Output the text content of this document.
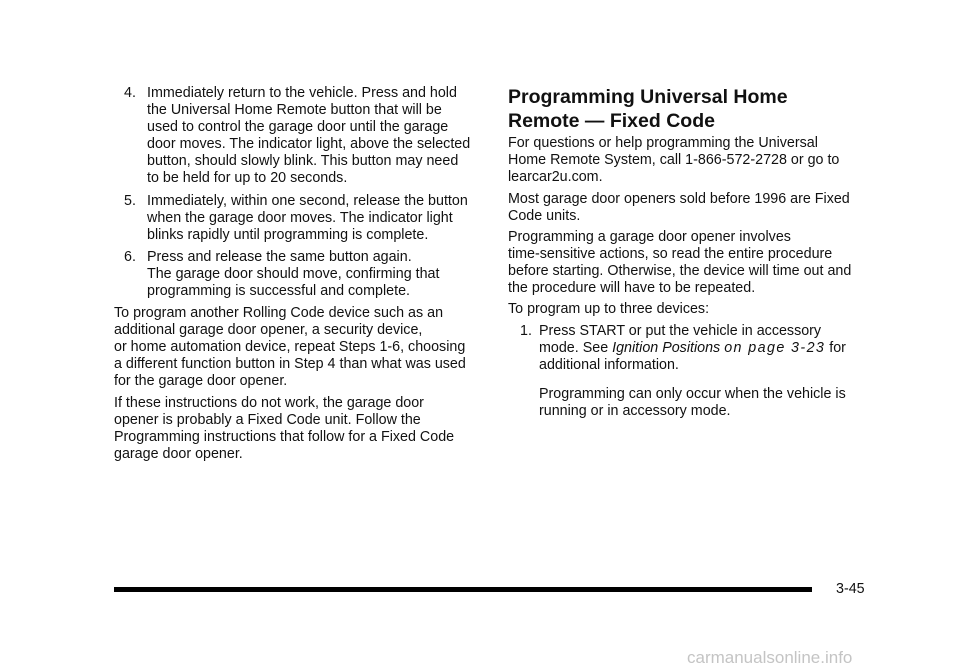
4. Immediately return to the vehicle. Press and hold
the Universal Home Remote button that will be
used to control the garage door until the garage
door moves. The indicator light, above the selected
button, should slowly blink. This button may need
to be held for up to 20 seconds.
5. Immediately, within one second, release the button
when the garage door moves. The indicator light
blinks rapidly until programming is complete.
6. Press and release the same button again.
The garage door should move, confirming that
programming is successful and complete.
To program another Rolling Code device such as an
additional garage door opener, a security device,
or home automation device, repeat Steps 1-6, choosing
a different function button in Step 4 than what was used
for the garage door opener.
If these instructions do not work, the garage door
opener is probably a Fixed Code unit. Follow the
Programming instructions that follow for a Fixed Code
garage door opener.
Programming Universal Home
Remote — Fixed Code
For questions or help programming the Universal
Home Remote System, call 1-866-572-2728 or go to
learcar2u.com.
Most garage door openers sold before 1996 are Fixed
Code units.
Programming a garage door opener involves
time-sensitive actions, so read the entire procedure
before starting. Otherwise, the device will time out and
the procedure will have to be repeated.
To program up to three devices:
1. Press START or put the vehicle in accessory
mode. See Ignition Positions on page 3-23 for
additional information.
Programming can only occur when the vehicle is
running or in accessory mode.
3-45
carmanualsonline.info
